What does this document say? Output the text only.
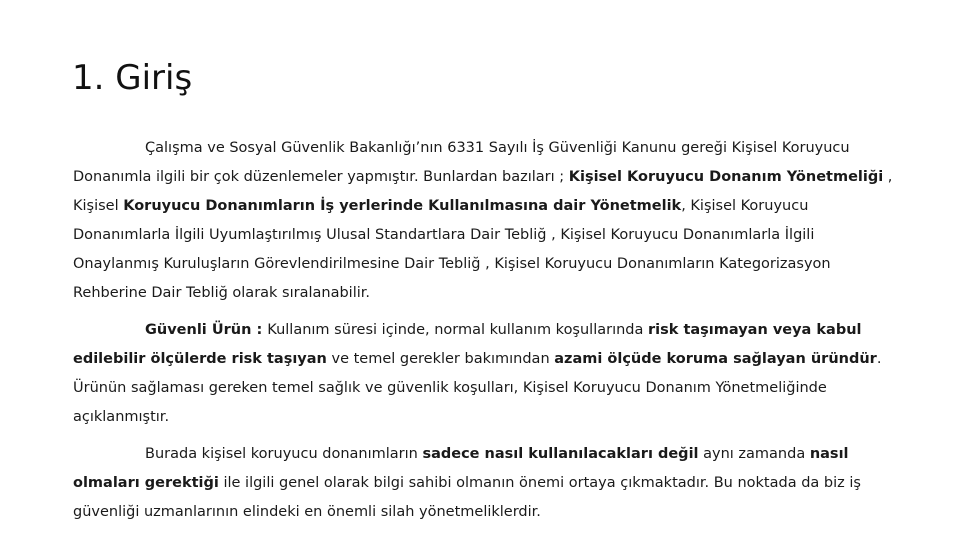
1. Giriş

Çalışma ve Sosyal Güvenlik Bakanlığı’nın 6331 Sayılı İş Güvenliği Kanunu gereği Kişisel Koruyucu Donanımla ilgili bir çok düzenlemeler yapmıştır. Bunlardan bazıları ; Kişisel Koruyucu Donanım Yönetmeliği , Kişisel Koruyucu Donanımların İş yerlerinde Kullanılmasına dair Yönetmelik, Kişisel Koruyucu Donanımlarla İlgili Uyumlaştırılmış Ulusal Standartlara Dair Tebliğ , Kişisel Koruyucu Donanımlarla İlgili Onaylanmış Kuruluşların Görevlendirilmesine Dair Tebliğ , Kişisel Koruyucu Donanımların Kategorizasyon Rehberine Dair Tebliğ olarak sıralanabilir.

Güvenli Ürün : Kullanım süresi içinde, normal kullanım koşullarında risk taşımayan veya kabul edilebilir ölçülerde risk taşıyan ve temel gerekler bakımından azami ölçüde koruma sağlayan üründür. Ürünün sağlaması gereken temel sağlık ve güvenlik koşulları, Kişisel Koruyucu Donanım Yönetmeliğinde açıklanmıştır.

Burada kişisel koruyucu donanımların sadece nasıl kullanılacakları değil aynı zamanda nasıl olmaları gerektiği ile ilgili genel olarak bilgi sahibi olmanın önemi ortaya çıkmaktadır. Bu noktada da biz iş güvenliği uzmanlarının elindeki en önemli silah yönetmeliklerdir.
